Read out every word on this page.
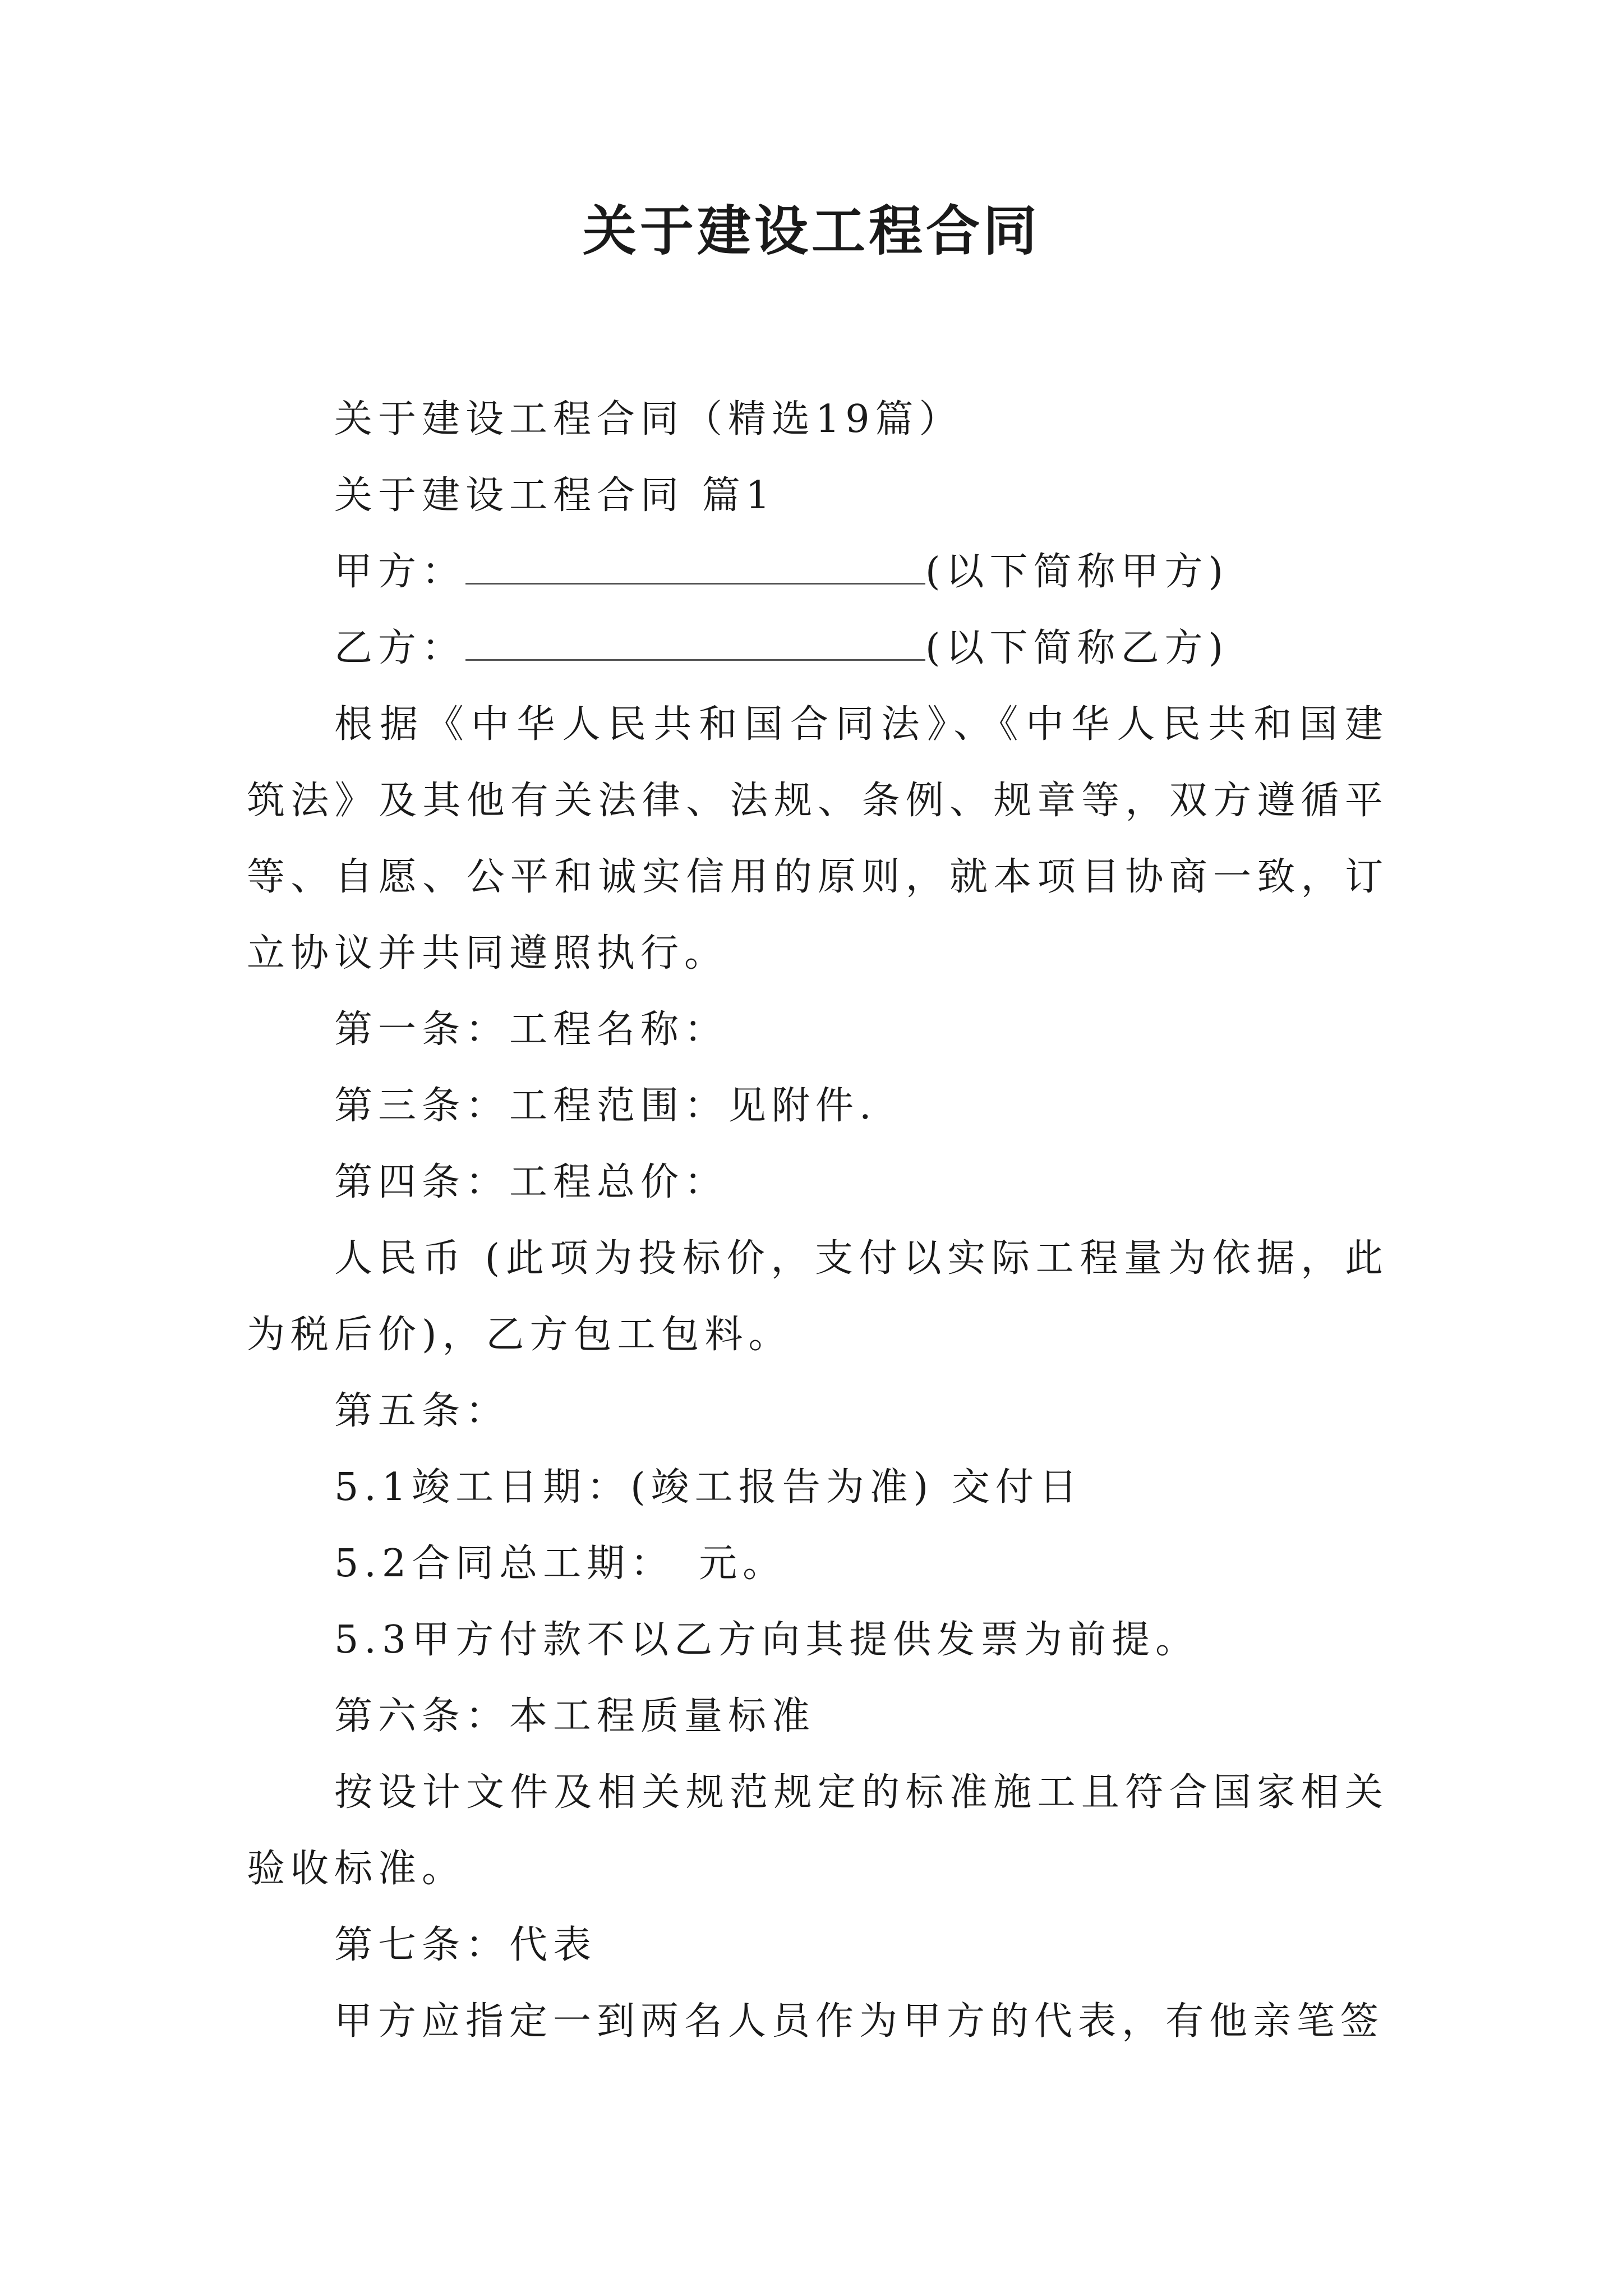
关于建设工程合同

关于建设工程合同（精选19篇）

关于建设工程合同 篇1

甲方：	(以下简称甲方)

乙方：	(以下简称乙方)

根据《中华人民共和国合同法》、《中华人民共和国建筑法》及其他有关法律、法规、条例、规章等，双方遵循平等、自愿、公平和诚实信用的原则，就本项目协商一致，订立协议并共同遵照执行。

第一条：工程名称：

第三条：工程范围：见附件.

第四条：工程总价：

人民币 (此项为投标价，支付以实际工程量为依据，此为税后价)，乙方包工包料。

第五条：

5.1竣工日期：(竣工报告为准) 交付日

5.2合同总工期：　元。

5.3甲方付款不以乙方向其提供发票为前提。

第六条：本工程质量标准

按设计文件及相关规范规定的标准施工且符合国家相关验收标准。

第七条：代表

甲方应指定一到两名人员作为甲方的代表，有他亲笔签
